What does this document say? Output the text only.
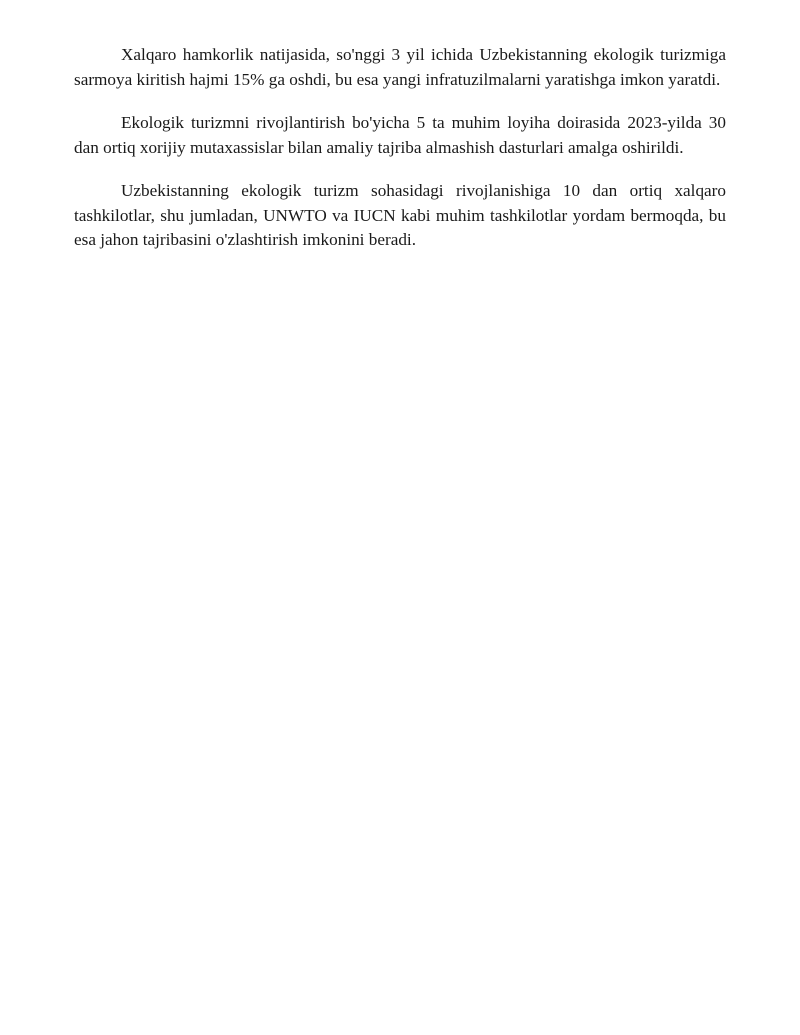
Xalqaro hamkorlik natijasida, so'nggi 3 yil ichida Uzbekistanning ekologik turizmiga sarmoya kiritish hajmi 15% ga oshdi, bu esa yangi infratuzilmalarni yaratishga imkon yaratdi.

Ekologik turizmni rivojlantirish bo'yicha 5 ta muhim loyiha doirasida 2023-yilda 30 dan ortiq xorijiy mutaxassislar bilan amaliy tajriba almashish dasturlari amalga oshirildi.

Uzbekistanning ekologik turizm sohasidagi rivojlanishiga 10 dan ortiq xalqaro tashkilotlar, shu jumladan, UNWTO va IUCN kabi muhim tashkilotlar yordam bermoqda, bu esa jahon tajribasini o'zlashtirish imkonini beradi.
